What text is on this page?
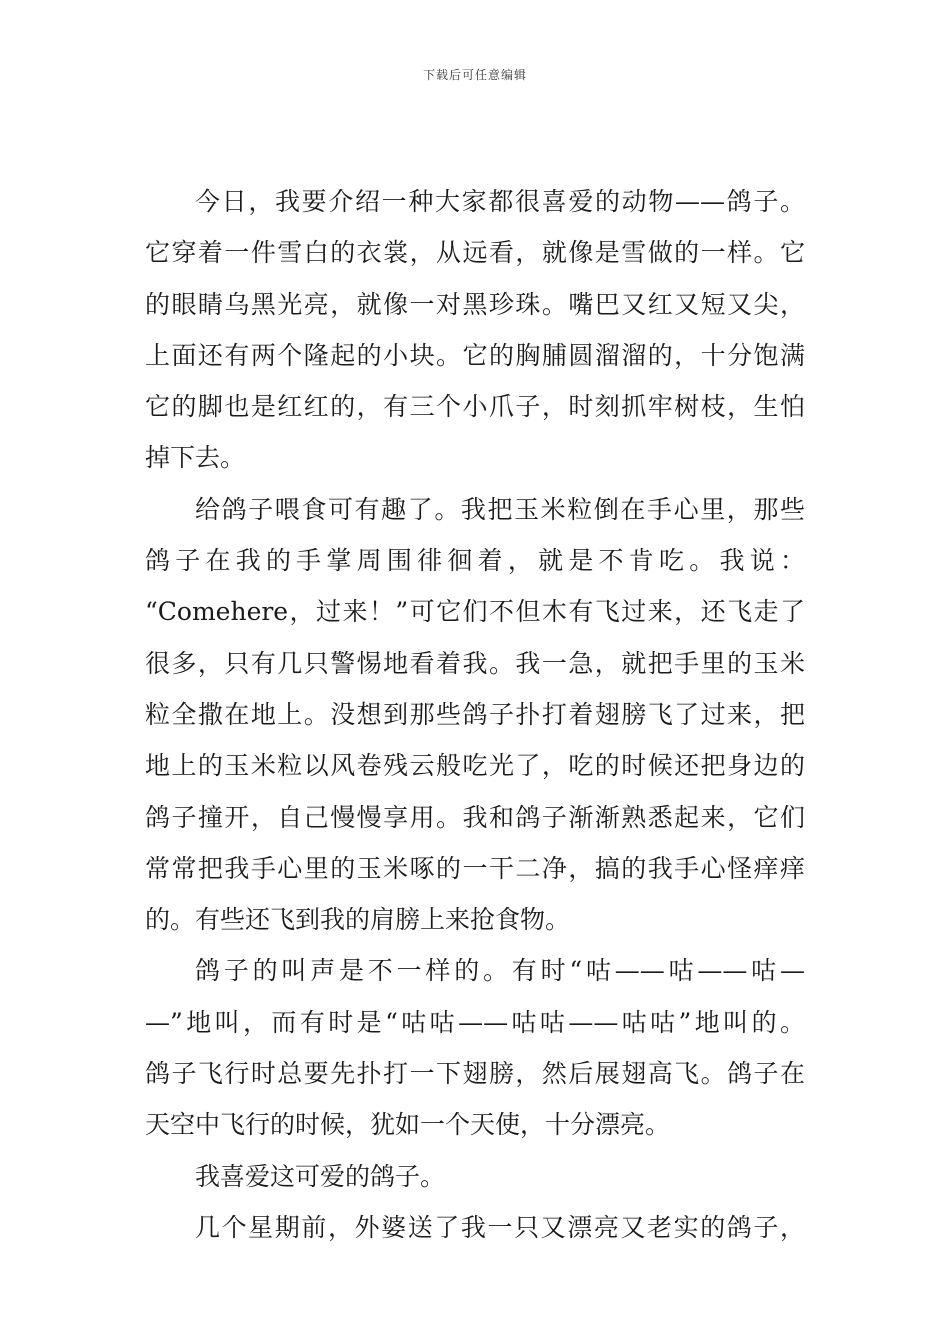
下载后可任意编辑
今日，我要介绍一种大家都很喜爱的动物——鸽子。
它穿着一件雪白的衣裳，从远看，就像是雪做的一样。它
的眼睛乌黑光亮，就像一对黑珍珠。嘴巴又红又短又尖，
上面还有两个隆起的小块。它的胸脯圆溜溜的，十分饱满
它的脚也是红红的，有三个小爪子，时刻抓牢树枝，生怕
掉下去。
给鸽子喂食可有趣了。我把玉米粒倒在手心里，那些
鸽子在我的手掌周围徘徊着，就是不肯吃。我说：
“Comehere，过来！”可它们不但木有飞过来，还飞走了
很多，只有几只警惕地看着我。我一急，就把手里的玉米
粒全撒在地上。没想到那些鸽子扑打着翅膀飞了过来，把
地上的玉米粒以风卷残云般吃光了，吃的时候还把身边的
鸽子撞开，自己慢慢享用。我和鸽子渐渐熟悉起来，它们
常常把我手心里的玉米啄的一干二净，搞的我手心怪痒痒
的。有些还飞到我的肩膀上来抢食物。
鸽子的叫声是不一样的。有时“咕——咕——咕—
—”地叫，而有时是“咕咕——咕咕——咕咕”地叫的。
鸽子飞行时总要先扑打一下翅膀，然后展翅高飞。鸽子在
天空中飞行的时候，犹如一个天使，十分漂亮。
我喜爱这可爱的鸽子。
几个星期前，外婆送了我一只又漂亮又老实的鸽子，
